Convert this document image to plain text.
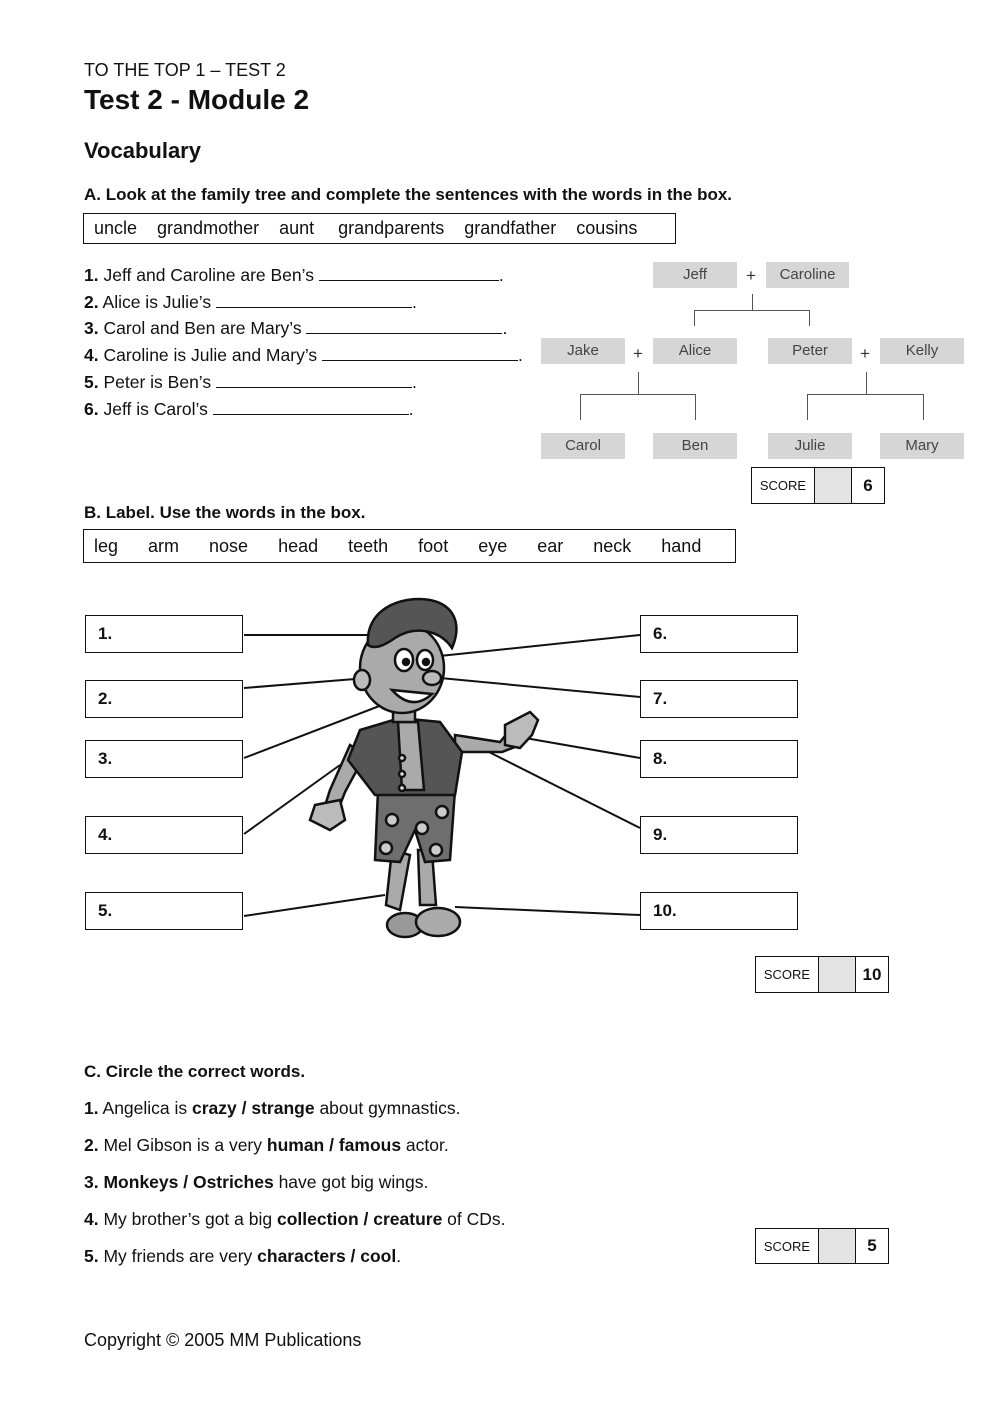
TO THE TOP 1 – TEST 2
Test 2 - Module 2
Vocabulary
A. Look at the family tree and complete the sentences with the words in the box.
uncle grandmother aunt grandparents grandfather cousins
1. Jeff and Caroline are Ben’s	.
2. Alice is Julie’s	.
3. Carol and Ben are Mary’s	.
4. Caroline is Julie and Mary’s	.
5. Peter is Ben’s	.
6. Jeff is Carol’s	.
Jeff	+	Caroline
Jake	+	Alice	Peter	+	Kelly
Carol	Ben	Julie	Mary
SCORE	6
B. Label. Use the words in the box.
leg arm nose head teeth foot eye ear neck hand
1.
2.
3.
4.
5.
6.
7.
8.
9.
10.
SCORE	10
C. Circle the correct words.
1. Angelica is crazy / strange about gymnastics.
2. Mel Gibson is a very human / famous actor.
3. Monkeys / Ostriches have got big wings.
4. My brother’s got a big collection / creature of CDs.
5. My friends are very characters / cool.	SCORE	5
Copyright © 2005 MM Publications
